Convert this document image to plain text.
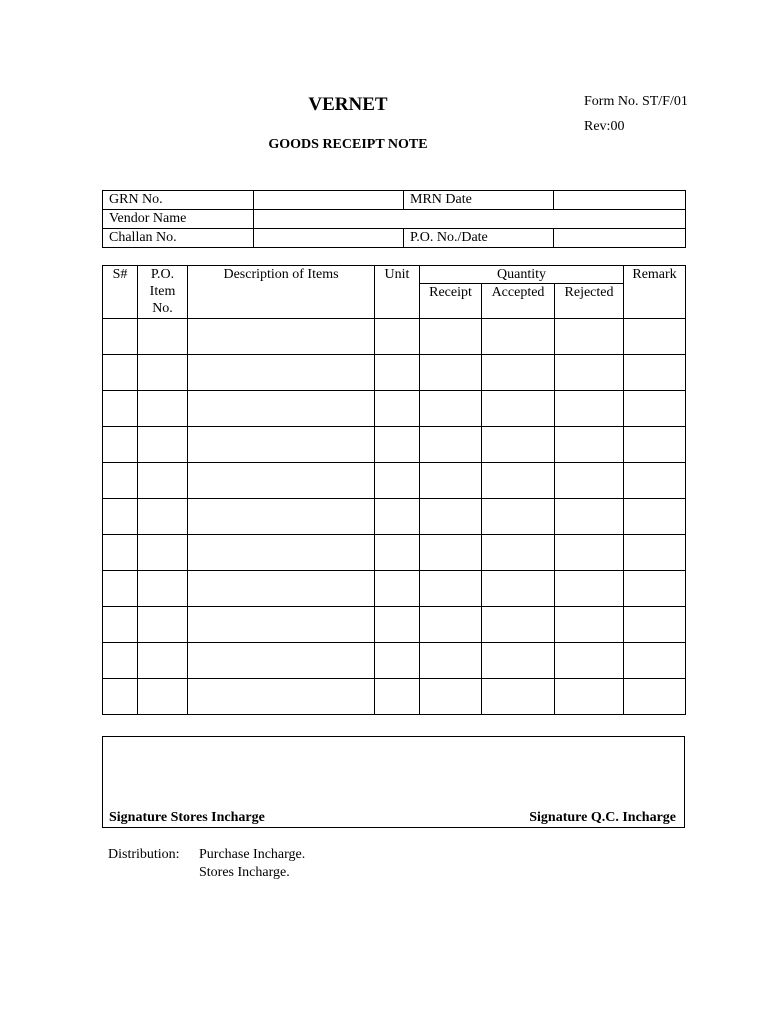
VERNET	Form No. ST/F/01
Rev:00
GOODS RECEIPT NOTE
GRN No.		MRN Date	
Vendor Name			
Challan No.		P.O. No./Date	
S#	P.O. Item No.	Description of Items	Unit	Quantity			Remark
				Receipt	Accepted	Rejected	

Signature Stores Incharge	Signature Q.C. Incharge
Distribution: Purchase Incharge.
Stores Incharge.
